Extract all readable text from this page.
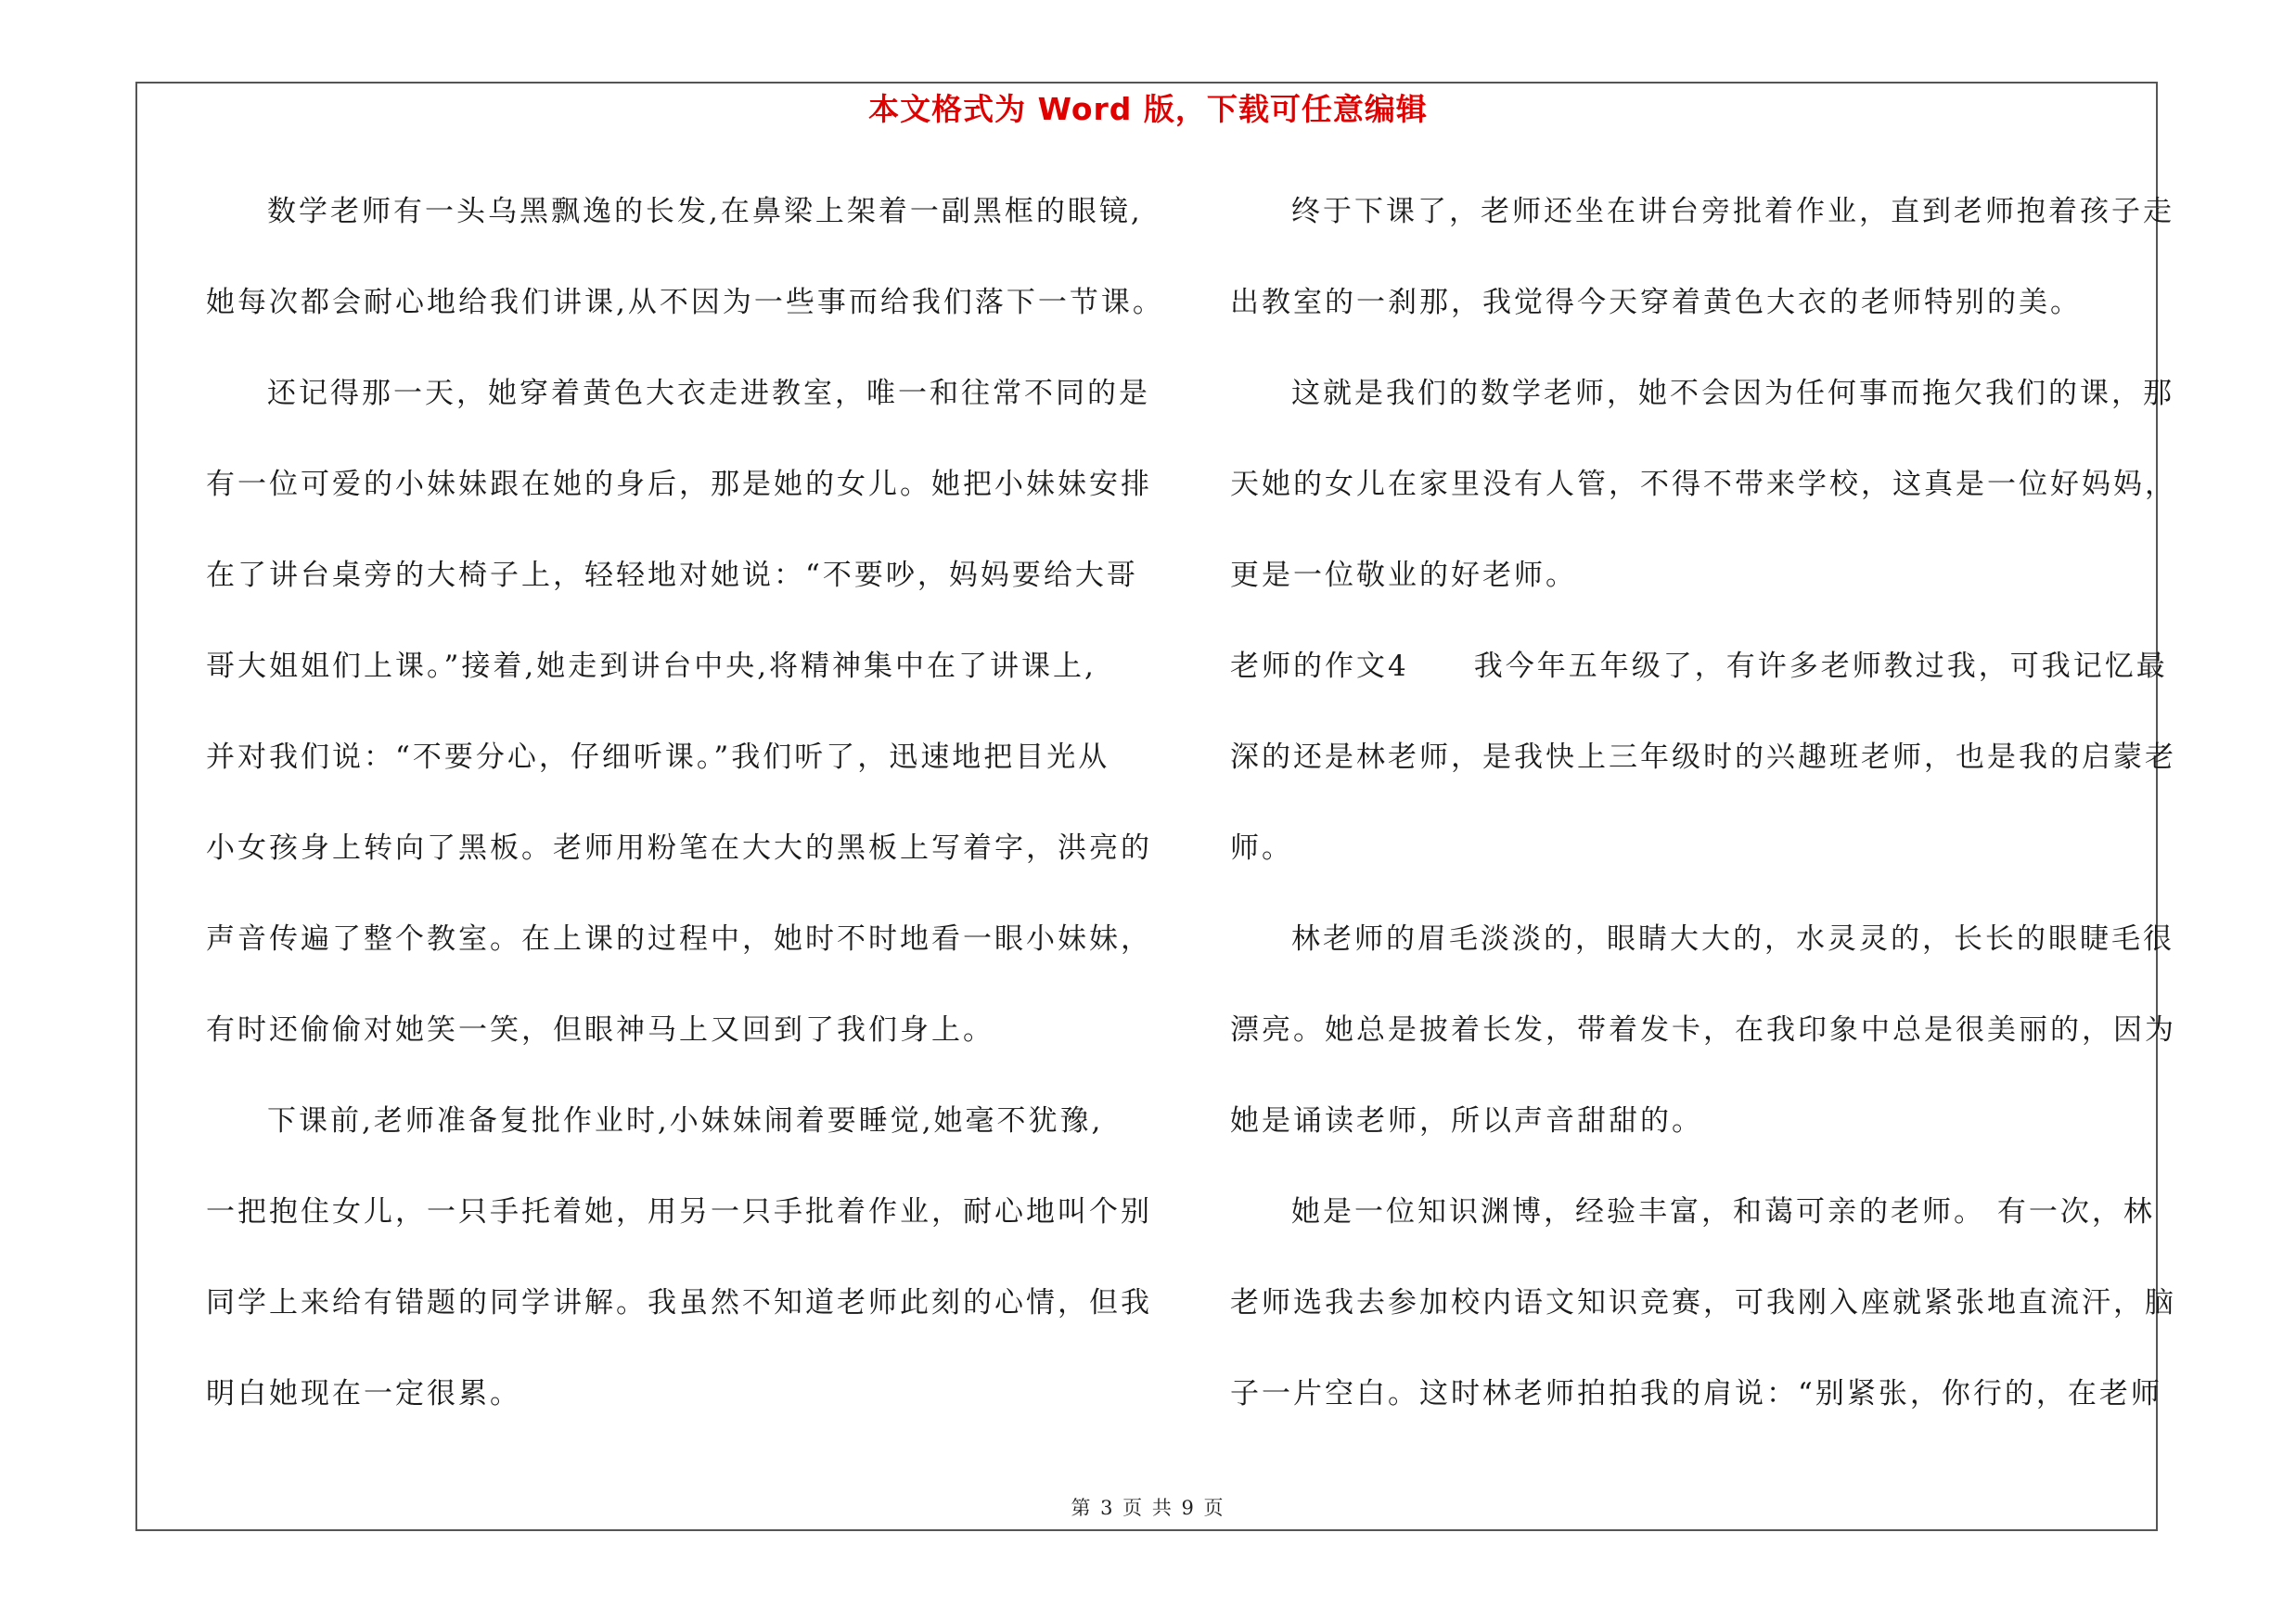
本文格式为 Word 版，下载可任意编辑
数学老师有一头乌黑飘逸的长发,在鼻梁上架着一副黑框的眼镜,
她每次都会耐心地给我们讲课,从不因为一些事而给我们落下一节课。
还记得那一天，她穿着黄色大衣走进教室，唯一和往常不同的是
有一位可爱的小妹妹跟在她的身后，那是她的女儿。她把小妹妹安排
在了讲台桌旁的大椅子上，轻轻地对她说：“不要吵，妈妈要给大哥
哥大姐姐们上课。”接着,她走到讲台中央,将精神集中在了讲课上,
并对我们说：“不要分心，仔细听课。”我们听了，迅速地把目光从
小女孩身上转向了黑板。老师用粉笔在大大的黑板上写着字，洪亮的
声音传遍了整个教室。在上课的过程中，她时不时地看一眼小妹妹，
有时还偷偷对她笑一笑，但眼神马上又回到了我们身上。
下课前,老师准备复批作业时,小妹妹闹着要睡觉,她毫不犹豫,
一把抱住女儿，一只手托着她，用另一只手批着作业，耐心地叫个别
同学上来给有错题的同学讲解。我虽然不知道老师此刻的心情，但我
明白她现在一定很累。
终于下课了，老师还坐在讲台旁批着作业，直到老师抱着孩子走
出教室的一刹那，我觉得今天穿着黄色大衣的老师特别的美。
这就是我们的数学老师，她不会因为任何事而拖欠我们的课，那
天她的女儿在家里没有人管，不得不带来学校，这真是一位好妈妈，
更是一位敬业的好老师。
老师的作文4 我今年五年级了，有许多老师教过我，可我记忆最
深的还是林老师，是我快上三年级时的兴趣班老师，也是我的启蒙老
师。
林老师的眉毛淡淡的，眼睛大大的，水灵灵的，长长的眼睫毛很
漂亮。她总是披着长发，带着发卡，在我印象中总是很美丽的，因为
她是诵读老师，所以声音甜甜的。
她是一位知识渊博，经验丰富，和蔼可亲的老师。 有一次，林
老师选我去参加校内语文知识竞赛，可我刚入座就紧张地直流汗，脑
子一片空白。这时林老师拍拍我的肩说：“别紧张，你行的，在老师
第 3 页 共 9 页
